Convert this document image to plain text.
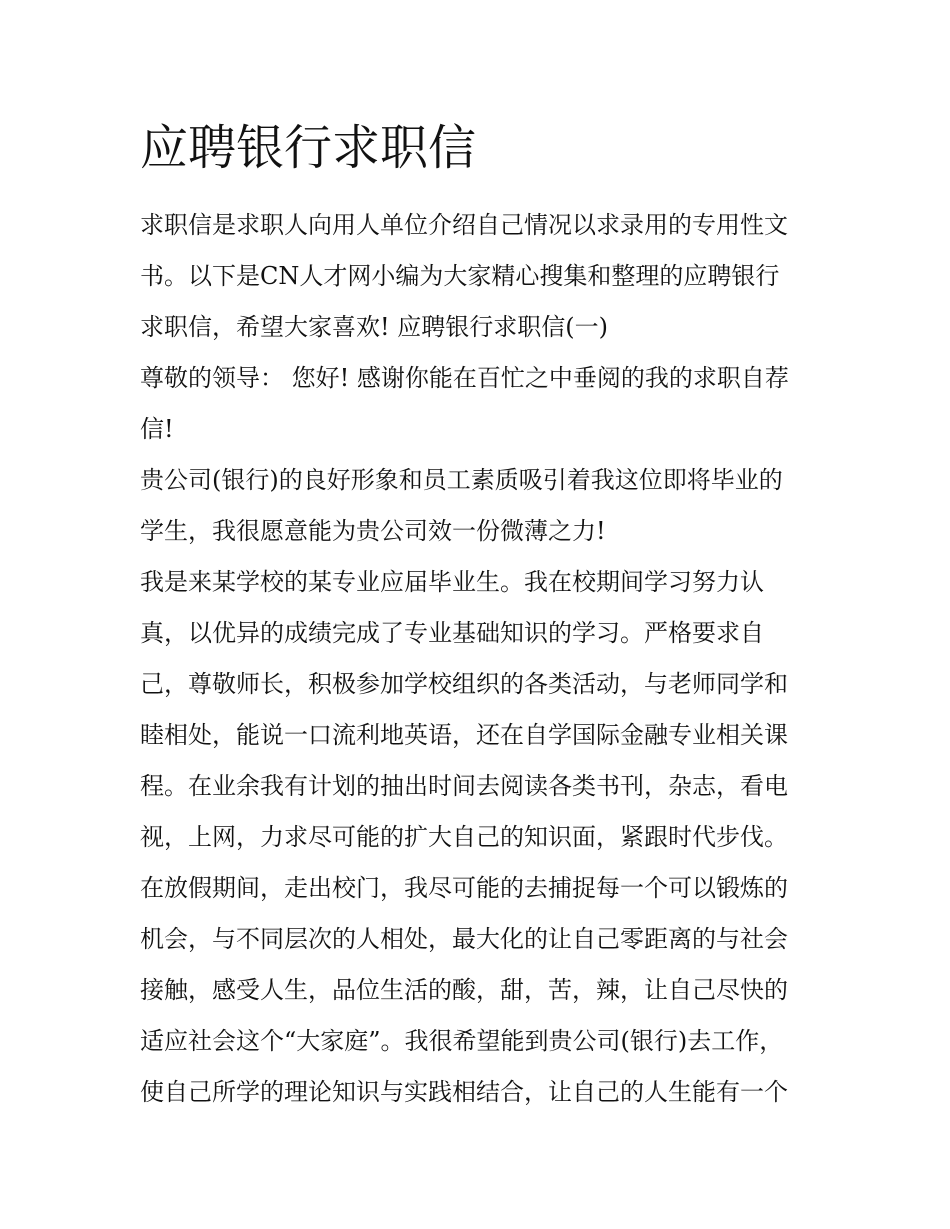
应聘银行求职信
求职信是求职人向用人单位介绍自己情况以求录用的专用性文
书。以下是CN人才网小编为大家精心搜集和整理的应聘银行
求职信，希望大家喜欢! 应聘银行求职信(一)
尊敬的领导： 您好! 感谢你能在百忙之中垂阅的我的求职自荐
信!
贵公司(银行)的良好形象和员工素质吸引着我这位即将毕业的
学生，我很愿意能为贵公司效一份微薄之力!
我是来某学校的某专业应届毕业生。我在校期间学习努力认
真，以优异的成绩完成了专业基础知识的学习。严格要求自
己，尊敬师长，积极参加学校组织的各类活动，与老师同学和
睦相处，能说一口流利地英语，还在自学国际金融专业相关课
程。在业余我有计划的抽出时间去阅读各类书刊，杂志，看电
视，上网，力求尽可能的扩大自己的知识面，紧跟时代步伐。
在放假期间，走出校门，我尽可能的去捕捉每一个可以锻炼的
机会，与不同层次的人相处，最大化的让自己零距离的与社会
接触，感受人生，品位生活的酸，甜，苦，辣，让自己尽快的
适应社会这个“大家庭”。我很希望能到贵公司(银行)去工作，
使自己所学的理论知识与实践相结合，让自己的人生能有一个
